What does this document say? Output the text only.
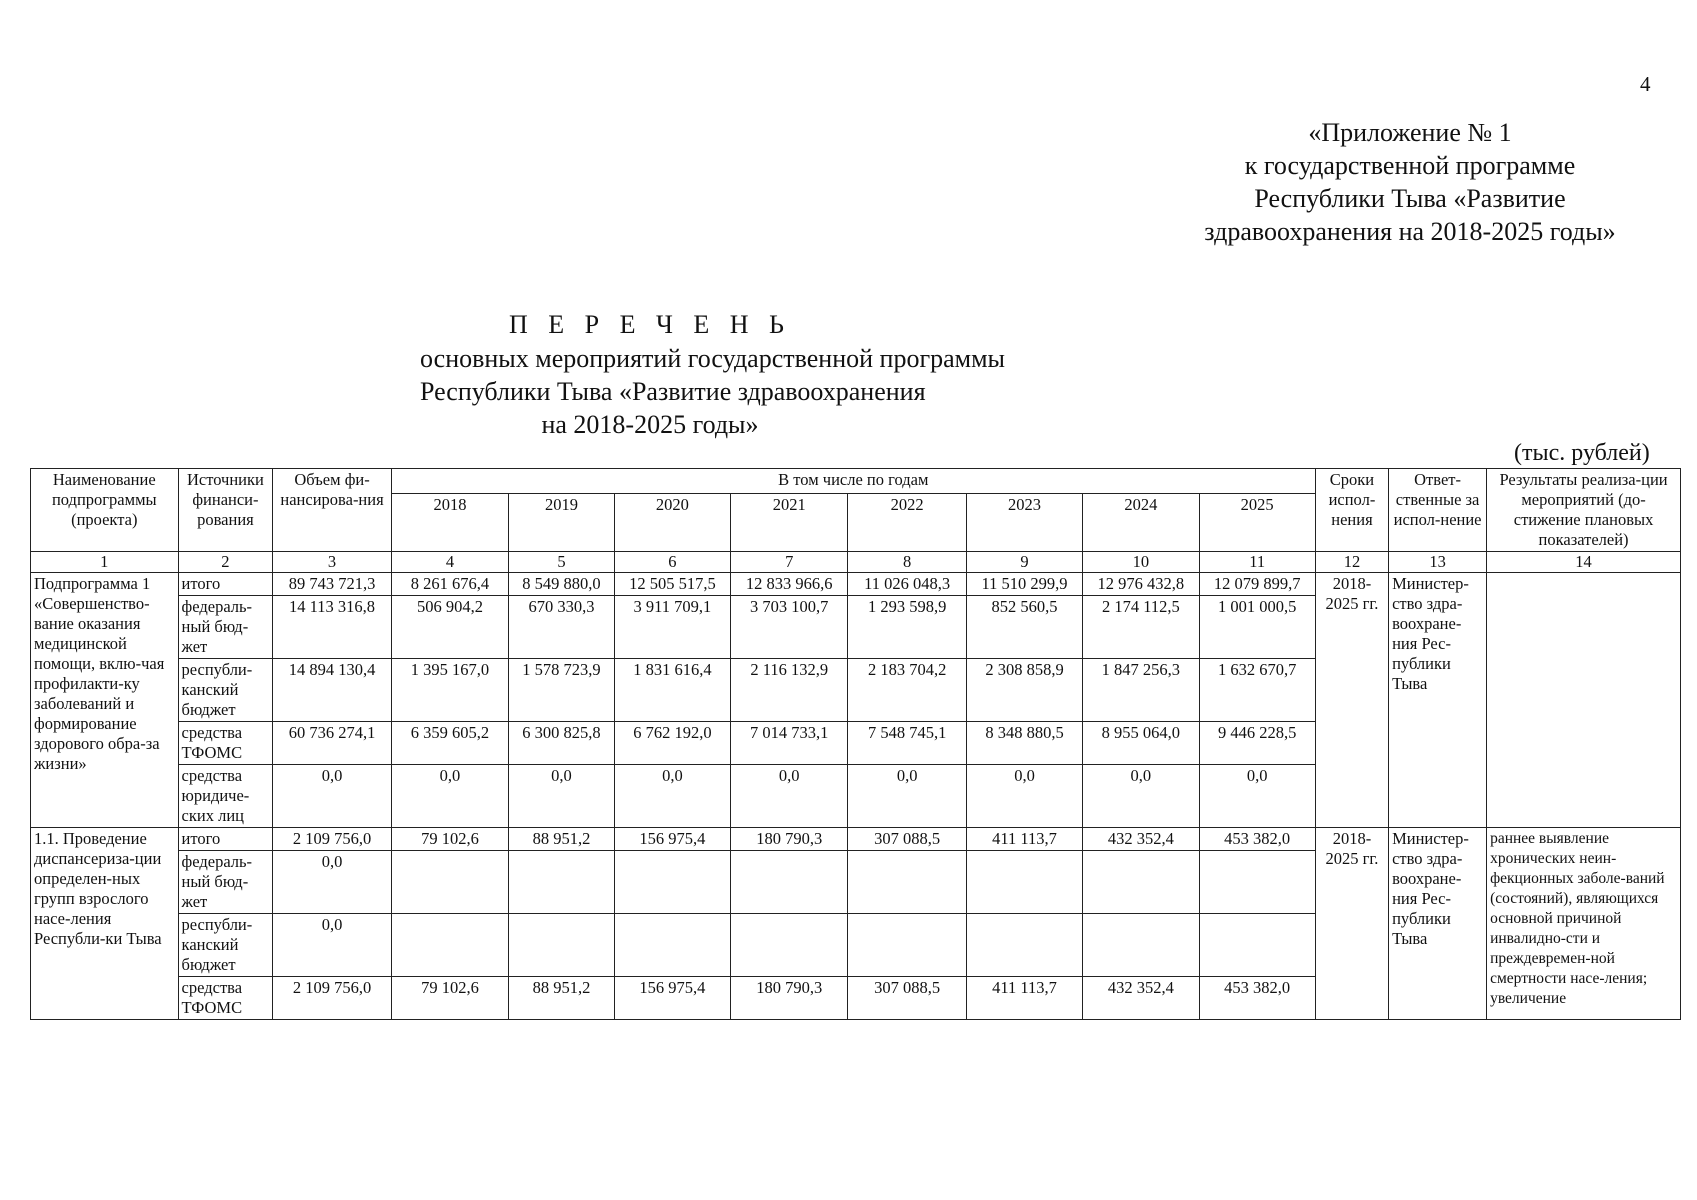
4
«Приложение № 1
к государственной программе
Республики Тыва «Развитие
здравоохранения на 2018-2025 годы»
П Е Р Е Ч Е Н Ь
основных мероприятий государственной программы
Республики Тыва «Развитие здравоохранения
на 2018-2025 годы»
(тыс. рублей)
Наименование подпрограммы (проекта)	Источники финанси-рования	Объем фи-нансирова-ния	В том числе по годам								Сроки испол-нения	Ответ-ственные за испол-нение	Результаты реализа-ции мероприятий (до-стижение плановых показателей)
			2018	2019	2020	2021	2022	2023	2024	2025			
1	2	3	4	5	6	7	8	9	10	11	12	13	14
Подпрограмма 1 «Совершенство-вание оказания медицинской помощи, вклю-чая профилакти-ку заболеваний и формирование здорового обра-за жизни»	итого	89 743 721,3	8 261 676,4	8 549 880,0	12 505 517,5	12 833 966,6	11 026 048,3	11 510 299,9	12 976 432,8	12 079 899,7	2018-2025 гг.	Министер-ство здра-воохране-ния Рес-публики Тыва	
	федераль-ный бюд-жет	14 113 316,8	506 904,2	670 330,3	3 911 709,1	3 703 100,7	1 293 598,9	852 560,5	2 174 112,5	1 001 000,5			
	республи-канский бюджет	14 894 130,4	1 395 167,0	1 578 723,9	1 831 616,4	2 116 132,9	2 183 704,2	2 308 858,9	1 847 256,3	1 632 670,7			
	средства ТФОМС	60 736 274,1	6 359 605,2	6 300 825,8	6 762 192,0	7 014 733,1	7 548 745,1	8 348 880,5	8 955 064,0	9 446 228,5			
	средства юридиче-ских лиц	0,0	0,0	0,0	0,0	0,0	0,0	0,0	0,0	0,0			
1.1. Проведение диспансеризa-ции определен-ных групп взрослого насе-ления Республи-ки Тыва	итого	2 109 756,0	79 102,6	88 951,2	156 975,4	180 790,3	307 088,5	411 113,7	432 352,4	453 382,0	2018-2025 гг.	Министер-ство здра-воохране-ния Рес-публики Тыва	раннее выявление хронических неин-фекционных заболе-ваний (состояний), являющихся основной причиной инвалидно-сти и преждевремен-ной смертности насе-ления; увеличение
	федераль-ный бюд-жет	0,0											
	республи-канский бюджет	0,0											
	средства ТФОМС	2 109 756,0	79 102,6	88 951,2	156 975,4	180 790,3	307 088,5	411 113,7	432 352,4	453 382,0			
